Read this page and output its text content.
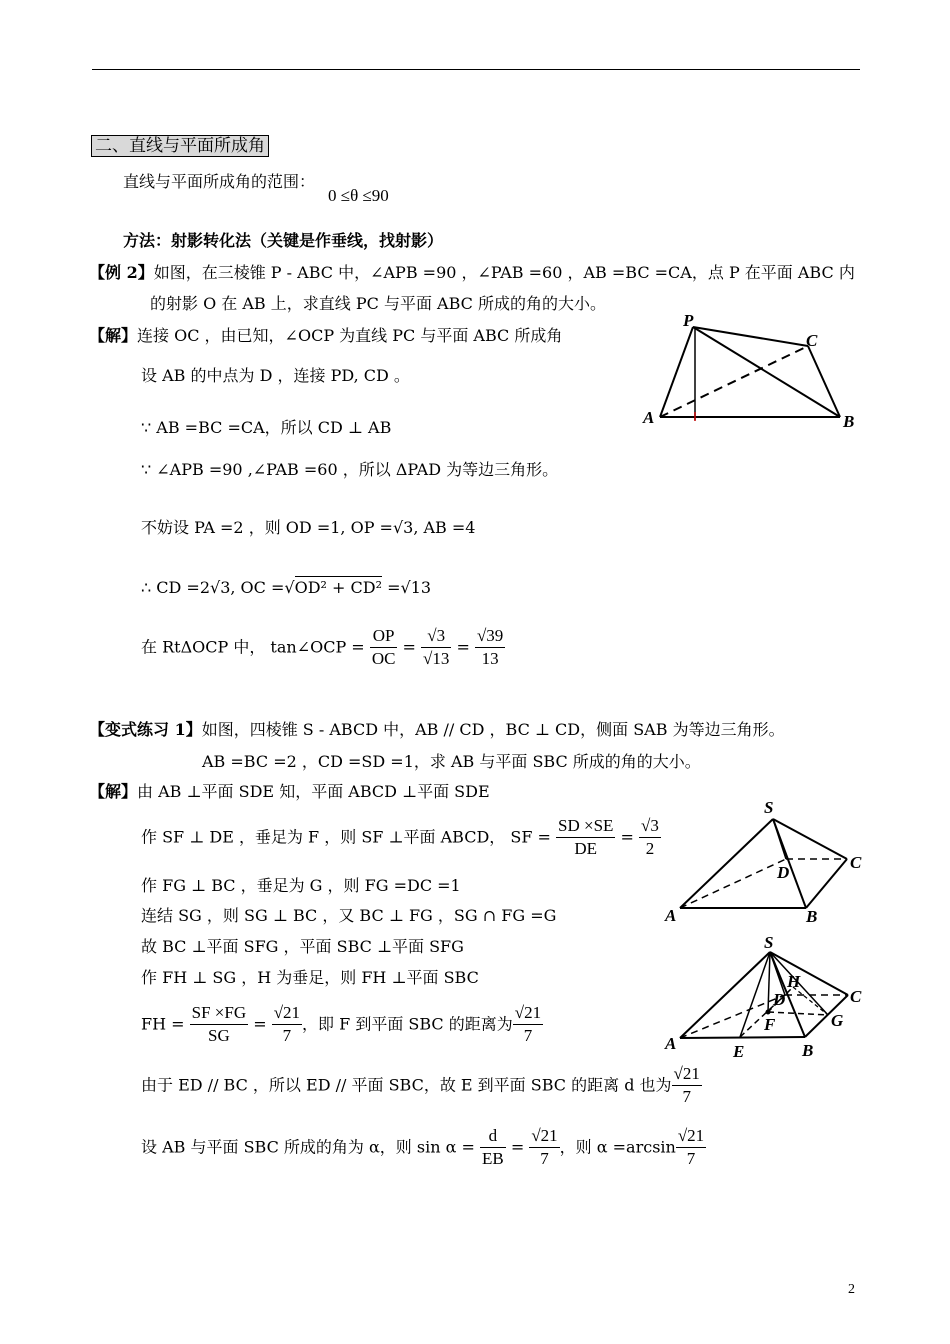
二、直线与平面所成角
直线与平面所成角的范围：
0 ≤θ ≤90
方法：射影转化法（关键是作垂线，找射影）
【例 2】如图，在三棱锥 P - ABC 中，∠APB =90 ，∠PAB =60 ，AB =BC =CA，点 P 在平面 ABC 内
的射影 O 在 AB 上，求直线 PC 与平面 ABC 所成的角的大小。
【解】连接 OC ，由已知，∠OCP 为直线 PC 与平面 ABC 所成角
设 AB 的中点为 D ，连接 PD, CD 。
∵ AB =BC =CA，所以 CD ⊥ AB
∵ ∠APB =90 ,∠PAB =60 ，所以 ΔPAD 为等边三角形。
不妨设 PA =2 ，则 OD =1, OP =√3, AB =4
∴ CD =2√3, OC =√OD² + CD² =√13
在 RtΔOCP 中， tan∠OCP = $\frac{OP}{OC} = \frac{√3}{√13} = \frac{√39}{13}$
P
C
A	B
【变式练习 1】如图，四棱锥 S - ABCD 中，AB // CD ，BC ⊥ CD，侧面 SAB 为等边三角形。
AB =BC =2 ，CD =SD =1，求 AB 与平面 SBC 所成的角的大小。
【解】由 AB ⊥平面 SDE 知，平面 ABCD ⊥平面 SDE
作 SF ⊥ DE ，垂足为 F ，则 SF ⊥平面 ABCD， SF = $\frac{SD \times SE}{DE} = \frac{√3}{2}$
作 FG ⊥ BC ，垂足为 G ，则 FG =DC =1
连结 SG ，则 SG ⊥ BC ，又 BC ⊥ FG ，SG ∩ FG =G
故 BC ⊥平面 SFG ，平面 SBC ⊥平面 SFG
作 FH ⊥ SG ，H 为垂足，则 FH ⊥平面 SBC
FH = $\frac{SF \times FG}{SG} = \frac{√21}{7}$ ，即 F 到平面 SBC 的距离为 $\frac{√21}{7}$
由于 ED // BC ，所以 ED // 平面 SBC，故 E 到平面 SBC 的距离 d 也为 $\frac{√21}{7}$
设 AB 与平面 SBC 所成的角为 α，则 $\sin \alpha = \frac{d}{EB} = \frac{√21}{7}$ ，则 $\alpha =\arcsin \frac{√21}{7}$
S
C
D
A	B
S
H
C
D
F	G
A	E	B
2
